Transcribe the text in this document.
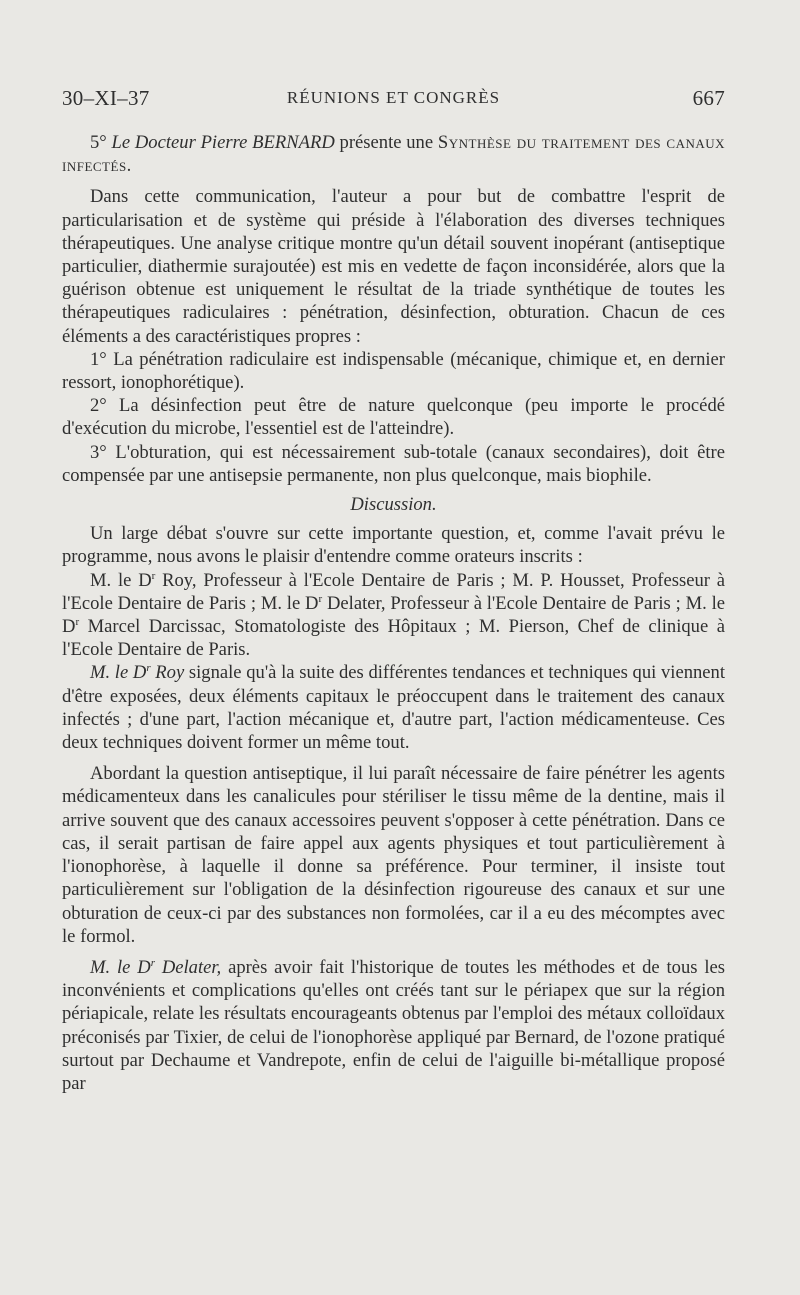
30–XI–37	RÉUNIONS ET CONGRÈS	667

5° Le Docteur Pierre BERNARD présente une Synthèse du traitement des canaux infectés.

Dans cette communication, l'auteur a pour but de combattre l'esprit de particularisation et de système qui préside à l'élaboration des diverses techniques thérapeutiques. Une analyse critique montre qu'un détail souvent inopérant (antiseptique particulier, diathermie surajoutée) est mis en vedette de façon inconsidérée, alors que la guérison obtenue est uniquement le résultat de la triade synthétique de toutes les thérapeutiques radiculaires : pénétration, désinfection, obturation. Chacun de ces éléments a des caractéristiques propres :

1° La pénétration radiculaire est indispensable (mécanique, chimique et, en dernier ressort, ionophorétique).

2° La désinfection peut être de nature quelconque (peu importe le procédé d'exécution du microbe, l'essentiel est de l'atteindre).

3° L'obturation, qui est nécessairement sub-totale (canaux secondaires), doit être compensée par une antisepsie permanente, non plus quelconque, mais biophile.

Discussion.

Un large débat s'ouvre sur cette importante question, et, comme l'avait prévu le programme, nous avons le plaisir d'entendre comme orateurs inscrits :

M. le $D^r$ Roy, Professeur à l'Ecole Dentaire de Paris ; M. P. Housset, Professeur à l'Ecole Dentaire de Paris ; M. le $D^r$ Delater, Professeur à l'Ecole Dentaire de Paris ; M. le $D^r$ Marcel Darcissac, Stomatologiste des Hôpitaux ; M. Pierson, Chef de clinique à l'Ecole Dentaire de Paris.

M. le $D^r$ Roy signale qu'à la suite des différentes tendances et techniques qui viennent d'être exposées, deux éléments capitaux le préoccupent dans le traitement des canaux infectés ; d'une part, l'action mécanique et, d'autre part, l'action médicamenteuse. Ces deux techniques doivent former un même tout.

Abordant la question antiseptique, il lui paraît nécessaire de faire pénétrer les agents médicamenteux dans les canalicules pour stériliser le tissu même de la dentine, mais il arrive souvent que des canaux accessoires peuvent s'opposer à cette pénétration. Dans ce cas, il serait partisan de faire appel aux agents physiques et tout particulièrement à l'ionophorèse, à laquelle il donne sa préférence. Pour terminer, il insiste tout particulièrement sur l'obligation de la désinfection rigoureuse des canaux et sur une obturation de ceux-ci par des substances non formolées, car il a eu des mécomptes avec le formol.

M. le $D^r$ Delater, après avoir fait l'historique de toutes les méthodes et de tous les inconvénients et complications qu'elles ont créés tant sur le périapex que sur la région périapicale, relate les résultats encourageants obtenus par l'emploi des métaux colloïdaux préconisés par Tixier, de celui de l'ionophorèse appliqué par Bernard, de l'ozone pratiqué surtout par Dechaume et Vandrepote, enfin de celui de l'aiguille bi-métallique proposé par
